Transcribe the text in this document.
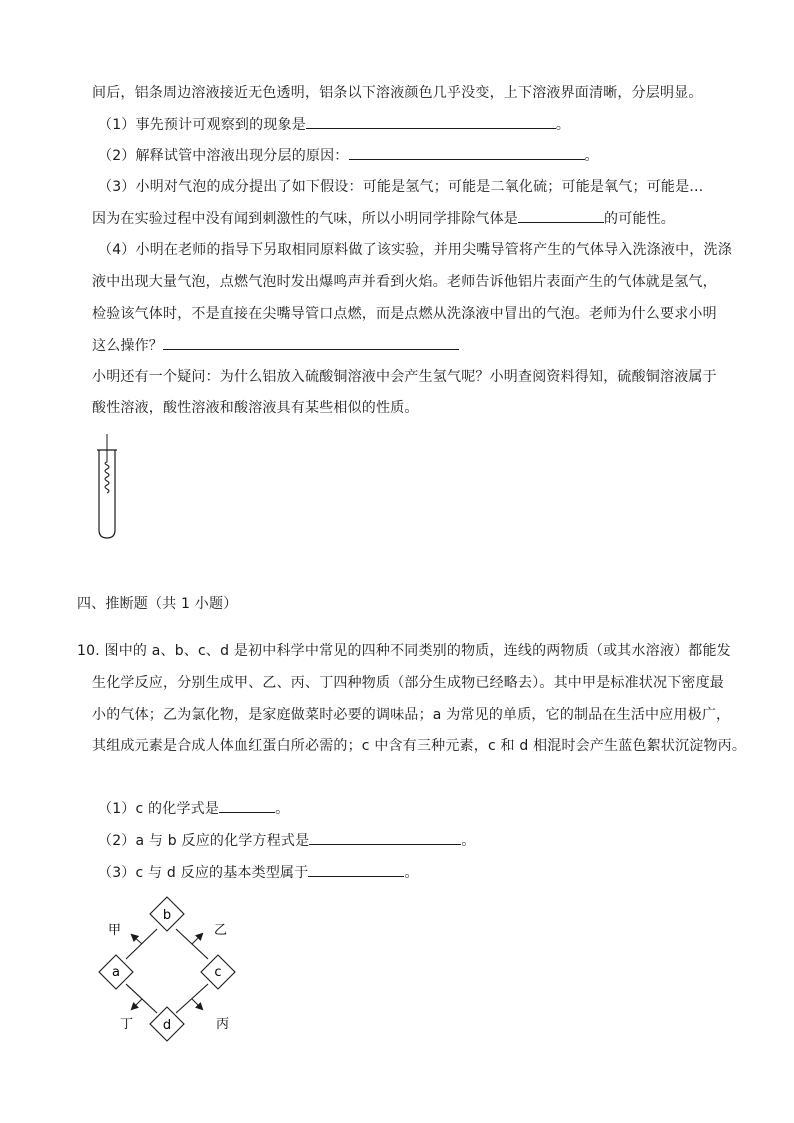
间后，铝条周边溶液接近无色透明，铝条以下溶液颜色几乎没变，上下溶液界面清晰，分层明显。
（1）事先预计可观察到的现象是	。
（2）解释试管中溶液出现分层的原因：	。
（3）小明对气泡的成分提出了如下假设：可能是氢气；可能是二氧化硫；可能是氧气；可能是…
因为在实验过程中没有闻到刺激性的气味，所以小明同学排除气体是	的可能性。
（4）小明在老师的指导下另取相同原料做了该实验，并用尖嘴导管将产生的气体导入洗涤液中，洗涤
液中出现大量气泡，点燃气泡时发出爆鸣声并看到火焰。老师告诉他铝片表面产生的气体就是氢气，
检验该气体时，不是直接在尖嘴导管口点燃，而是点燃从洗涤液中冒出的气泡。老师为什么要求小明
这么操作？
小明还有一个疑问：为什么铝放入硫酸铜溶液中会产生氢气呢？小明查阅资料得知，硫酸铜溶液属于
酸性溶液，酸性溶液和酸溶液具有某些相似的性质。
四、推断题（共 1 小题）
10. 图中的 a、b、c、d 是初中科学中常见的四种不同类别的物质，连线的两物质（或其水溶液）都能发
生化学反应，分别生成甲、乙、丙、丁四种物质（部分生成物已经略去）。其中甲是标准状况下密度最
小的气体；乙为氯化物，是家庭做菜时必要的调味品；a 为常见的单质，它的制品在生活中应用极广，
其组成元素是合成人体血红蛋白所必需的；c 中含有三种元素，c 和 d 相混时会产生蓝色絮状沉淀物丙。
（1）c 的化学式是	。
（2）a 与 b 反应的化学方程式是	。
（3）c 与 d 反应的基本类型属于	。
b
a	c
d
甲	乙
丁	丙
